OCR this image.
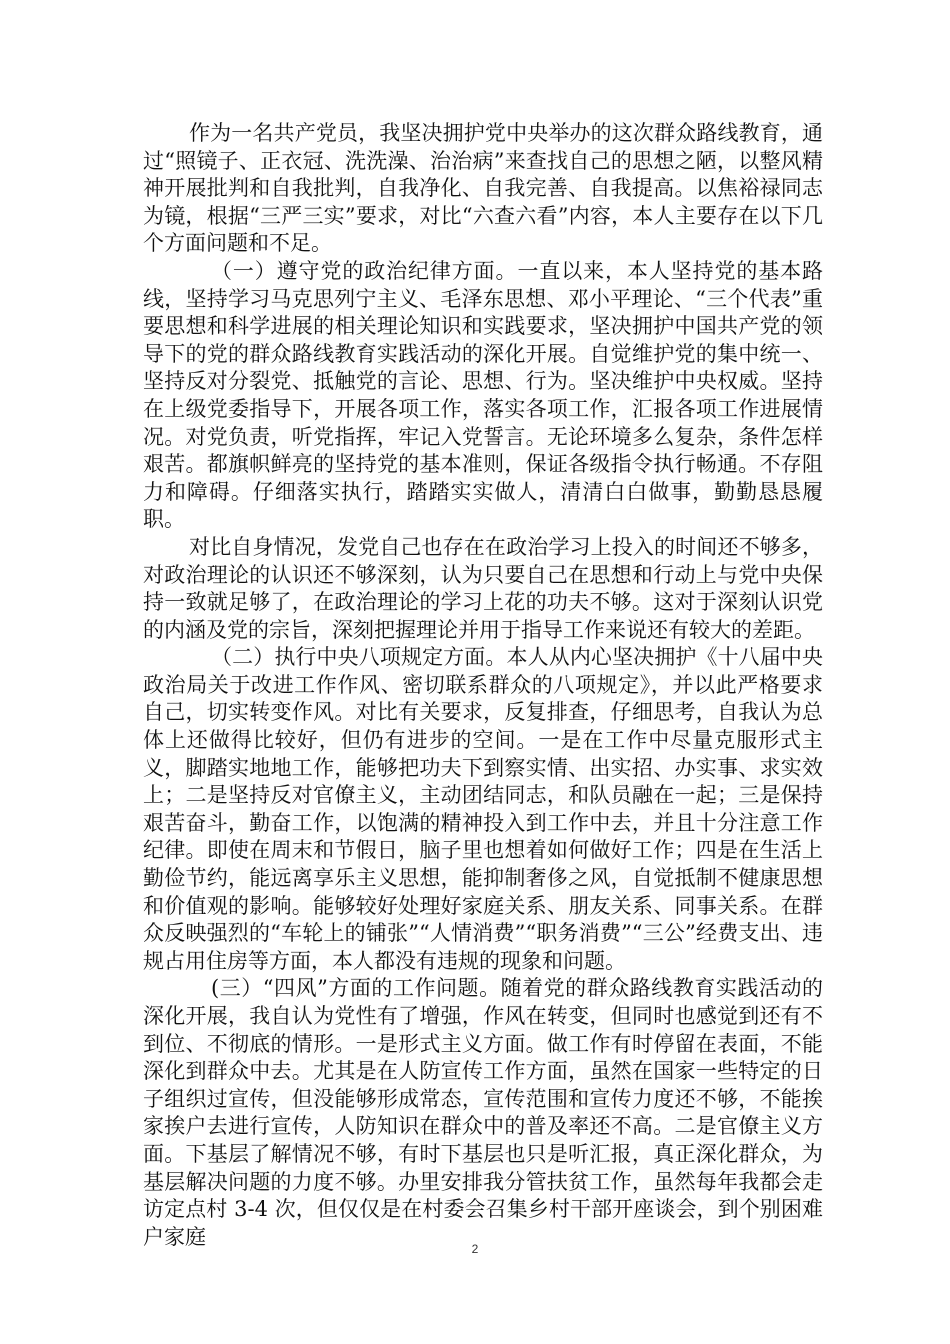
作为一名共产党员，我坚决拥护党中央举办的这次群众路线教育，通过“照镜子、正衣冠、洗洗澡、治治病”来查找自己的思想之陋，以整风精神开展批判和自我批判，自我净化、自我完善、自我提高。以焦裕禄同志为镜，根据“三严三实”要求，对比“六查六看”内容，本人主要存在以下几个方面问题和不足。

（一）遵守党的政治纪律方面。一直以来，本人坚持党的基本路线，坚持学习马克思列宁主义、毛泽东思想、邓小平理论、“三个代表”重要思想和科学进展的相关理论知识和实践要求，坚决拥护中国共产党的领导下的党的群众路线教育实践活动的深化开展。自觉维护党的集中统一、坚持反对分裂党、抵触党的言论、思想、行为。坚决维护中央权威。坚持在上级党委指导下，开展各项工作，落实各项工作，汇报各项工作进展情况。对党负责，听党指挥，牢记入党誓言。无论环境多么复杂，条件怎样艰苦。都旗帜鲜亮的坚持党的基本准则，保证各级指令执行畅通。不存阻力和障碍。仔细落实执行，踏踏实实做人，清清白白做事，勤勤恳恳履职。

对比自身情况，发党自己也存在在政治学习上投入的时间还不够多，对政治理论的认识还不够深刻，认为只要自己在思想和行动上与党中央保持一致就足够了，在政治理论的学习上花的功夫不够。这对于深刻认识党的内涵及党的宗旨，深刻把握理论并用于指导工作来说还有较大的差距。

（二）执行中央八项规定方面。本人从内心坚决拥护《十八届中央政治局关于改进工作作风、密切联系群众的八项规定》，并以此严格要求自己，切实转变作风。对比有关要求，反复排查，仔细思考，自我认为总体上还做得比较好，但仍有进步的空间。一是在工作中尽量克服形式主义，脚踏实地地工作，能够把功夫下到察实情、出实招、办实事、求实效上；二是坚持反对官僚主义，主动团结同志，和队员融在一起；三是保持艰苦奋斗，勤奋工作，以饱满的精神投入到工作中去，并且十分注意工作纪律。即使在周末和节假日，脑子里也想着如何做好工作；四是在生活上勤俭节约，能远离享乐主义思想，能抑制奢侈之风，自觉抵制不健康思想和价值观的影响。能够较好处理好家庭关系、朋友关系、同事关系。在群众反映强烈的“车轮上的铺张”“人情消费”“职务消费”“三公”经费支出、违规占用住房等方面，本人都没有违规的现象和问题。

(三）“四风”方面的工作问题。随着党的群众路线教育实践活动的深化开展，我自认为党性有了增强，作风在转变，但同时也感觉到还有不到位、不彻底的情形。一是形式主义方面。做工作有时停留在表面，不能深化到群众中去。尤其是在人防宣传工作方面，虽然在国家一些特定的日子组织过宣传，但没能够形成常态，宣传范围和宣传力度还不够，不能挨家挨户去进行宣传，人防知识在群众中的普及率还不高。二是官僚主义方面。下基层了解情况不够，有时下基层也只是听汇报，真正深化群众，为基层解决问题的力度不够。办里安排我分管扶贫工作，虽然每年我都会走访定点村 3-4 次，但仅仅是在村委会召集乡村干部开座谈会，到个别困难户家庭

2
